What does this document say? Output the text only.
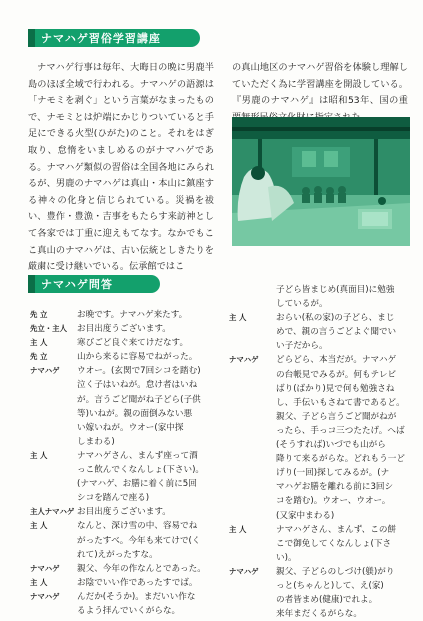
ナマハゲ習俗学習講座

ナマハゲ行事は毎年、大晦日の晩に男鹿半島のほぼ全域で行われる。ナマハゲの語源は「ナモミを剥ぐ」という言葉がなまったもので、ナモミとは炉端にかじりついていると手足にできる火型(ひがた)のこと。それをはぎ取り、怠惰をいましめるのがナマハゲである。ナマハゲ類似の習俗は全国各地にみられるが、男鹿のナマハゲは真山・本山に鎮座する神々の化身と信じられている。災禍を祓い、豊作・豊漁・吉事をもたらす来訪神として各家では丁重に迎えもてなす。なかでもここ真山のナマハゲは、古い伝統としきたりを厳粛に受け継いでいる。伝承館ではこ

の真山地区のナマハゲ習俗を体験し理解していただく為に学習講座を開設している。『男鹿のナマハゲ』は昭和53年、国の重

ナマハゲ問答
先 立	お晩です。ナマハゲ来たす。
先立・主人	お目出度うございます。
主 人	寒びごど良ぐ来てけだなす。
先 立	山から来るに容易でねがった。
ナマハゲ	ウオー。(玄関で7回シコを踏む)
泣く子はいねが。怠け者はいね
が。言うごど聞がね子どら(子供
等)いねが。親の面倒みない悪
い嫁いねが。ウオー(家中探
しまわる)
主 人	ナマハゲさん、まんず座って酒
っこ飲んでくなんしょ(下さい)。
(ナマハゲ、お膳に着く前に5回
シコを踏んで座る)
主人ナマハゲ お目出度うございます。
主 人	なんと、深け雪の中、容易でね
がったすべ。今年も来てけで(く
れて)えがったすな。
ナマハゲ	親父、今年の作なんとであった。
主 人	お陰でいい作であったすでば。
ナマハゲ	んだか(そうか)。まだいい作な
るよう拝んでいくがらな。
子どら皆まじめ(真面目)に勉強
しているが。
主 人	おらい(私の家)の子どら、まじ
めで、親の言うごどよぐ聞でい
い子だから。
ナマハゲ	どらどら、本当だが。ナマハゲ
の台帳見でみるが。何もテレビ
ばり(ばかり)見で何も勉強さね
し、手伝いもさねて書であるど。
親父、子どら言うごど聞がねが
ったら、手っコ三つたたげ。へば
(そうすれば)いづでも山がら
降りて来るがらな。どれもう一ど
げり(一回)探してみるが。(ナ
マハゲお膳を離れる前に3回シ
コを踏む)。ウオー、ウオー。
(又家中まわる)
主 人	ナマハゲさん、まんず、この餅
こで御免してくなんしょ(下さ
い)。
ナマハゲ	親父、子どらのしづけ(躾)がり
っと(ちゃんと)して、え(家)
の者皆まめ(健康)でれよ。
来年まだくるがらな。
